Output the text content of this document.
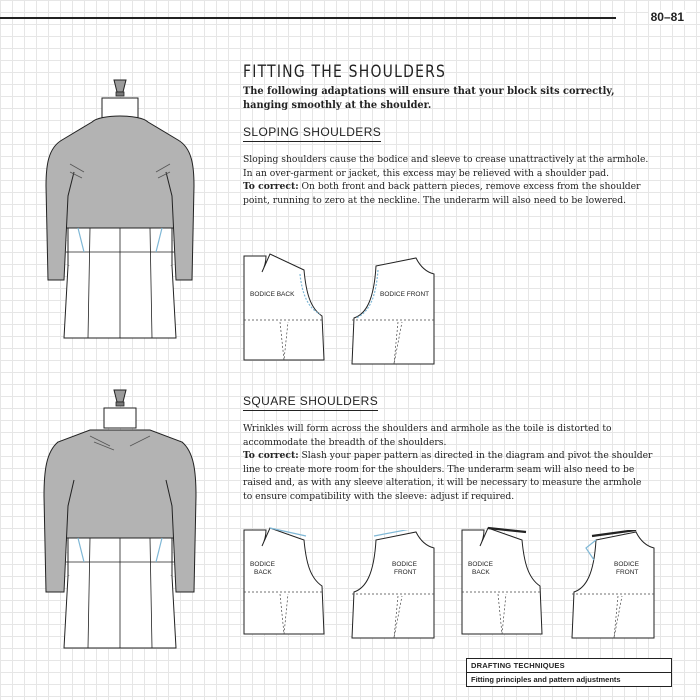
80–81
FITTING THE SHOULDERS

The following adaptations will ensure that your block sits correctly, hanging smoothly at the shoulder.

SLOPING SHOULDERS

Sloping shoulders cause the bodice and sleeve to crease unattractively at the armhole. In an over-garment or jacket, this excess may be relieved with a shoulder pad.
To correct: On both front and back pattern pieces, remove excess from the shoulder point, running to zero at the neckline. The underarm will also need to be lowered.

BODICE BACK	BODICE FRONT
SQUARE SHOULDERS

Wrinkles will form across the shoulders and armhole as the toile is distorted to accommodate the breadth of the shoulders.
To correct: Slash your paper pattern as directed in the diagram and pivot the shoulder line to create more room for the shoulders. The underarm seam will also need to be raised and, as with any sleeve alteration, it will be necessary to measure the armhole to ensure compatibility with the sleeve: adjust if required.

BODICE
BACK
BODICE
FRONT
BODICE
BACK
BODICE
FRONT
DRAFTING TECHNIQUES
Fitting principles and pattern adjustments
